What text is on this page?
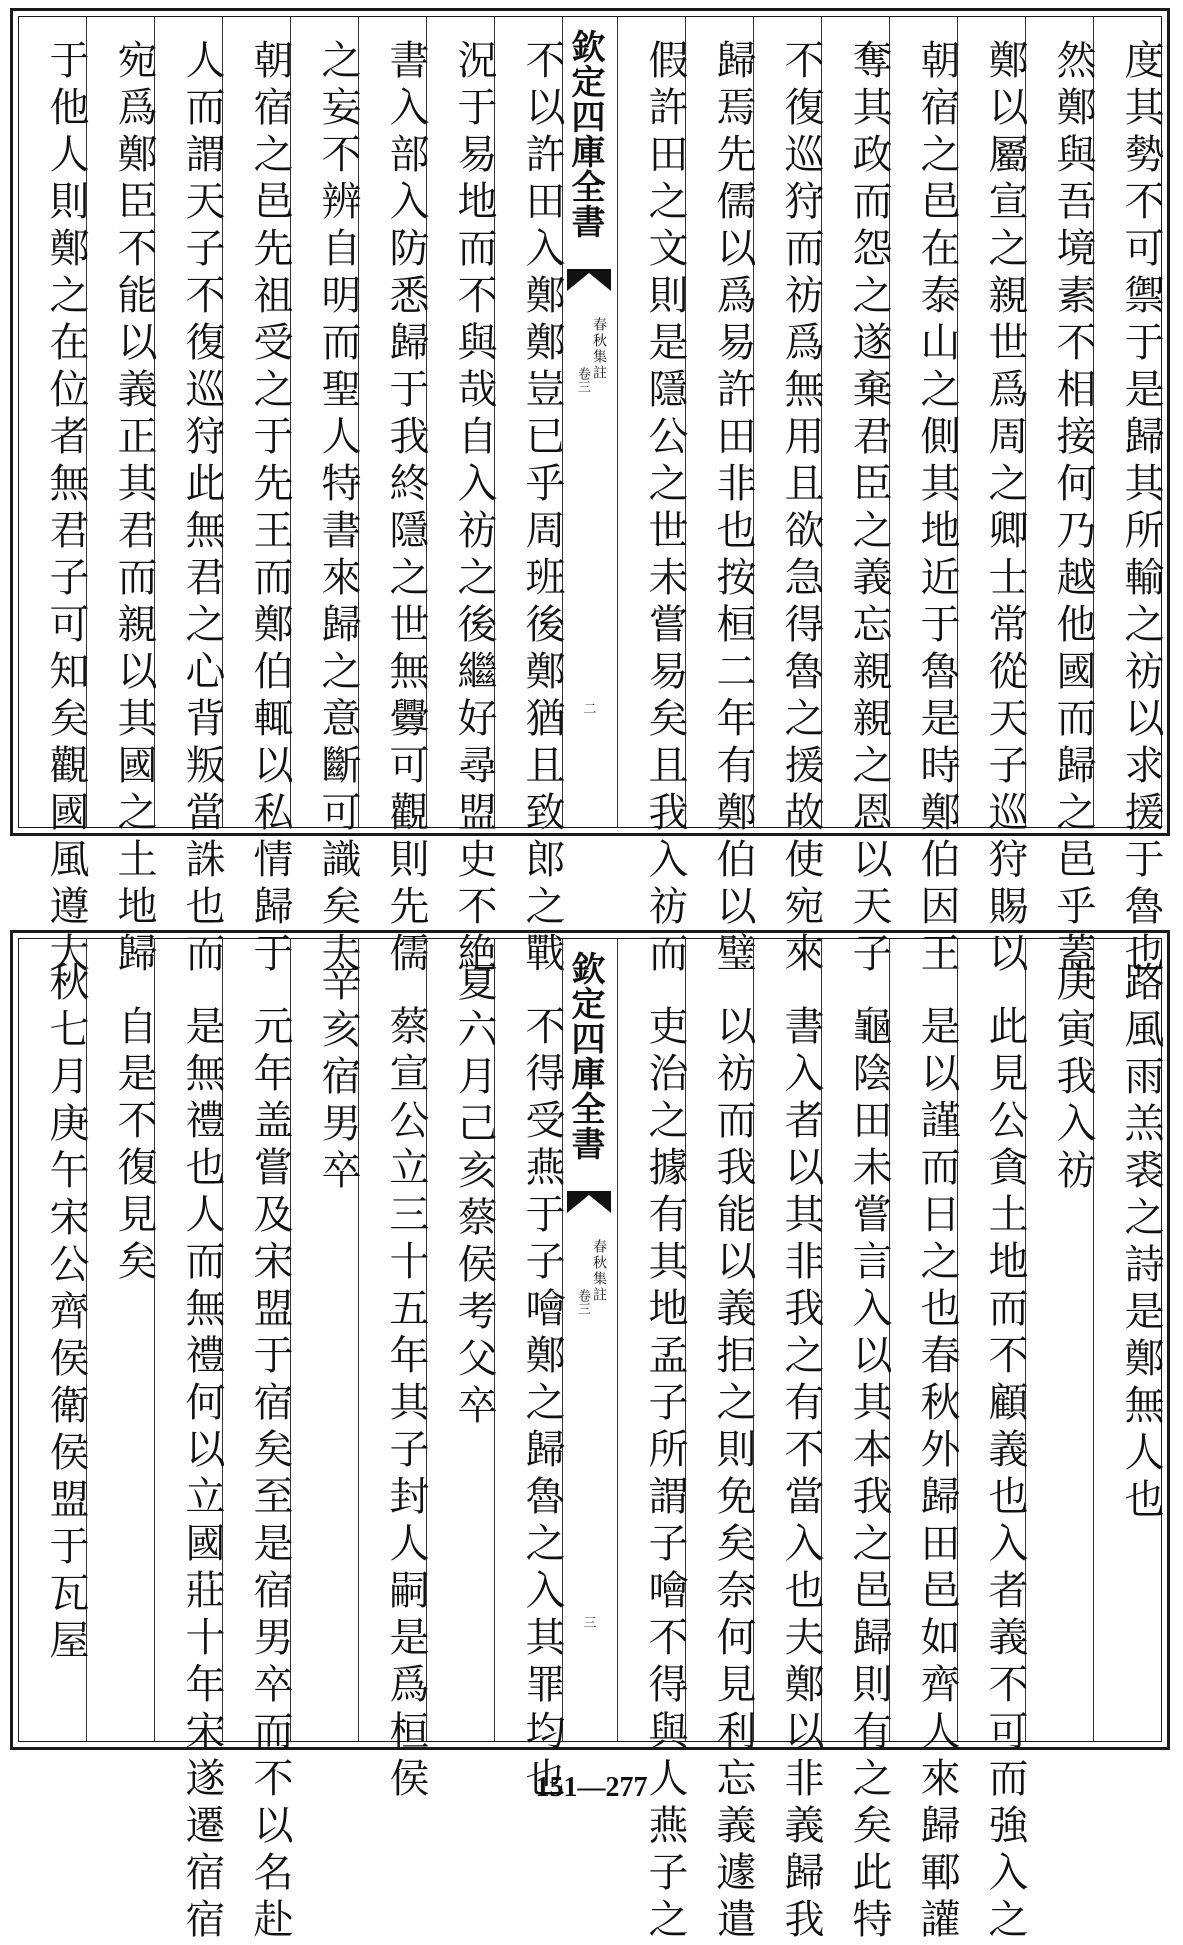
度其勢不可禦于是歸其所輸之祊以求援于魯也
然鄭與吾境素不相接何乃越他國而歸之邑乎蓋
鄭以屬宣之親世爲周之卿士常從天子巡狩賜以
朝宿之邑在泰山之側其地近于魯是時鄭伯因王
奪其政而怨之遂棄君臣之義忘親親之恩以天子
不復巡狩而祊爲無用且欲急得魯之援故使宛來
歸焉先儒以爲易許田非也按桓二年有鄭伯以璧
假許田之文則是隱公之世未嘗易矣且我入祊而
欽定四庫全書
春秋集註
卷三
二
不以許田入鄭鄭豈已乎周班後鄭猶且致郎之戰
況于易地而不與哉自入祊之後繼好尋盟史不絶
書入部入防悉歸于我終隱之世無釁可觀則先儒
之妄不辨自明而聖人特書來歸之意斷可識矣夫
朝宿之邑先祖受之于先王而鄭伯輒以私情歸于
人而謂天子不復巡狩此無君之心背叛當誅也而
宛爲鄭臣不能以義正其君而親以其國之土地歸
于他人則鄭之在位者無君子可知矣觀國風遵大
路風雨羔裘之詩是鄭無人也
庚寅我入祊
此見公貪土地而不顧義也入者義不可而強入之
是以謹而日之也春秋外歸田邑如齊人來歸鄆讙
龜陰田未嘗言入以其本我之邑歸則有之矣此特
書入者以其非我之有不當入也夫鄭以非義歸我
以祊而我能以義拒之則免矣奈何見利忘義遽遣
吏治之據有其地孟子所謂子噲不得與人燕子之
欽定四庫全書
春秋集註
卷三
三
不得受燕于子噲鄭之歸魯之入其罪均也
夏六月己亥蔡侯考父卒
蔡宣公立三十五年其子封人嗣是爲桓侯
辛亥宿男卒
元年盖嘗及宋盟于宿矣至是宿男卒而不以名赴
是無禮也人而無禮何以立國莊十年宋遂遷宿宿
自是不復見矣
秋七月庚午宋公齊侯衛侯盟于瓦屋
151—277
